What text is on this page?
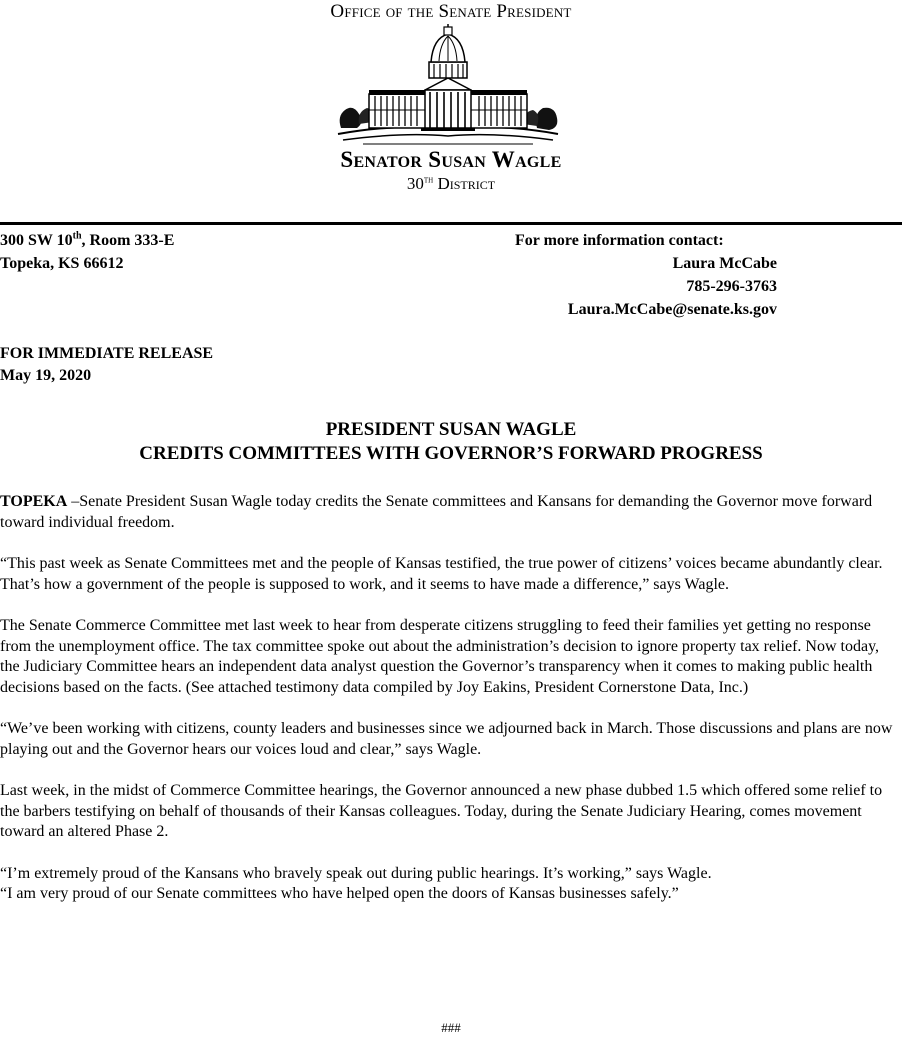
Office of the Senate President
Senator Susan Wagle
30th District
300 SW 10th, Room 333-E
Topeka, KS 66612
For more information contact:
Laura McCabe
785-296-3763
Laura.McCabe@senate.ks.gov
FOR IMMEDIATE RELEASE
May 19, 2020
PRESIDENT SUSAN WAGLE
CREDITS COMMITTEES WITH GOVERNOR’S FORWARD PROGRESS

TOPEKA –Senate President Susan Wagle today credits the Senate committees and Kansans for demanding the Governor move forward toward individual freedom.

“This past week as Senate Committees met and the people of Kansas testified, the true power of citizens’ voices became abundantly clear. That’s how a government of the people is supposed to work, and it seems to have made a difference,” says Wagle.

The Senate Commerce Committee met last week to hear from desperate citizens struggling to feed their families yet getting no response from the unemployment office. The tax committee spoke out about the administration’s decision to ignore property tax relief. Now today, the Judiciary Committee hears an independent data analyst question the Governor’s transparency when it comes to making public health decisions based on the facts. (See attached testimony data compiled by Joy Eakins, President Cornerstone Data, Inc.)

“We’ve been working with citizens, county leaders and businesses since we adjourned back in March. Those discussions and plans are now playing out and the Governor hears our voices loud and clear,” says Wagle.

Last week, in the midst of Commerce Committee hearings, the Governor announced a new phase dubbed 1.5 which offered some relief to the barbers testifying on behalf of thousands of their Kansas colleagues. Today, during the Senate Judiciary Hearing, comes movement toward an altered Phase 2.

“I’m extremely proud of the Kansans who bravely speak out during public hearings. It’s working,” says Wagle.
“I am very proud of our Senate committees who have helped open the doors of Kansas businesses safely.”

###
